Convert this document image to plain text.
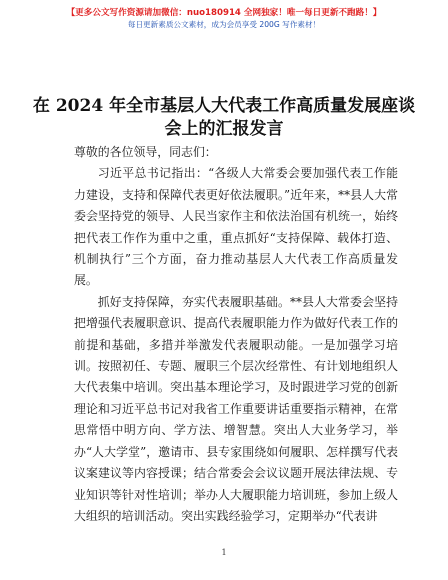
【更多公文写作资源请加微信：nuo180914 全网独家！唯一每日更新不跑路！】
每日更新素质公文素材，成为会员享受 200G 写作素材！
在 2024 年全市基层人大代表工作高质量发展座谈会上的汇报发言

尊敬的各位领导，同志们：

习近平总书记指出：“各级人大常委会要加强代表工作能力建设，支持和保障代表更好依法履职。”近年来，**县人大常委会坚持党的领导、人民当家作主和依法治国有机统一，始终把代表工作作为重中之重，重点抓好“支持保障、载体打造、机制执行”三个方面，奋力推动基层人大代表工作高质量发展。

抓好支持保障，夯实代表履职基础。**县人大常委会坚持把增强代表履职意识、提高代表履职能力作为做好代表工作的前提和基础，多措并举激发代表履职动能。一是加强学习培训。按照初任、专题、履职三个层次经常性、有计划地组织人大代表集中培训。突出基本理论学习，及时跟进学习党的创新理论和习近平总书记对我省工作重要讲话重要指示精神，在常思常悟中明方向、学方法、增智慧。突出人大业务学习，举办“人大学堂”，邀请市、县专家围绕如何履职、怎样撰写代表议案建议等内容授课；结合常委会会议议题开展法律法规、专业知识等针对性培训；举办人大履职能力培训班，参加上级人大组织的培训活动。突出实践经验学习，定期举办“代表讲

1
